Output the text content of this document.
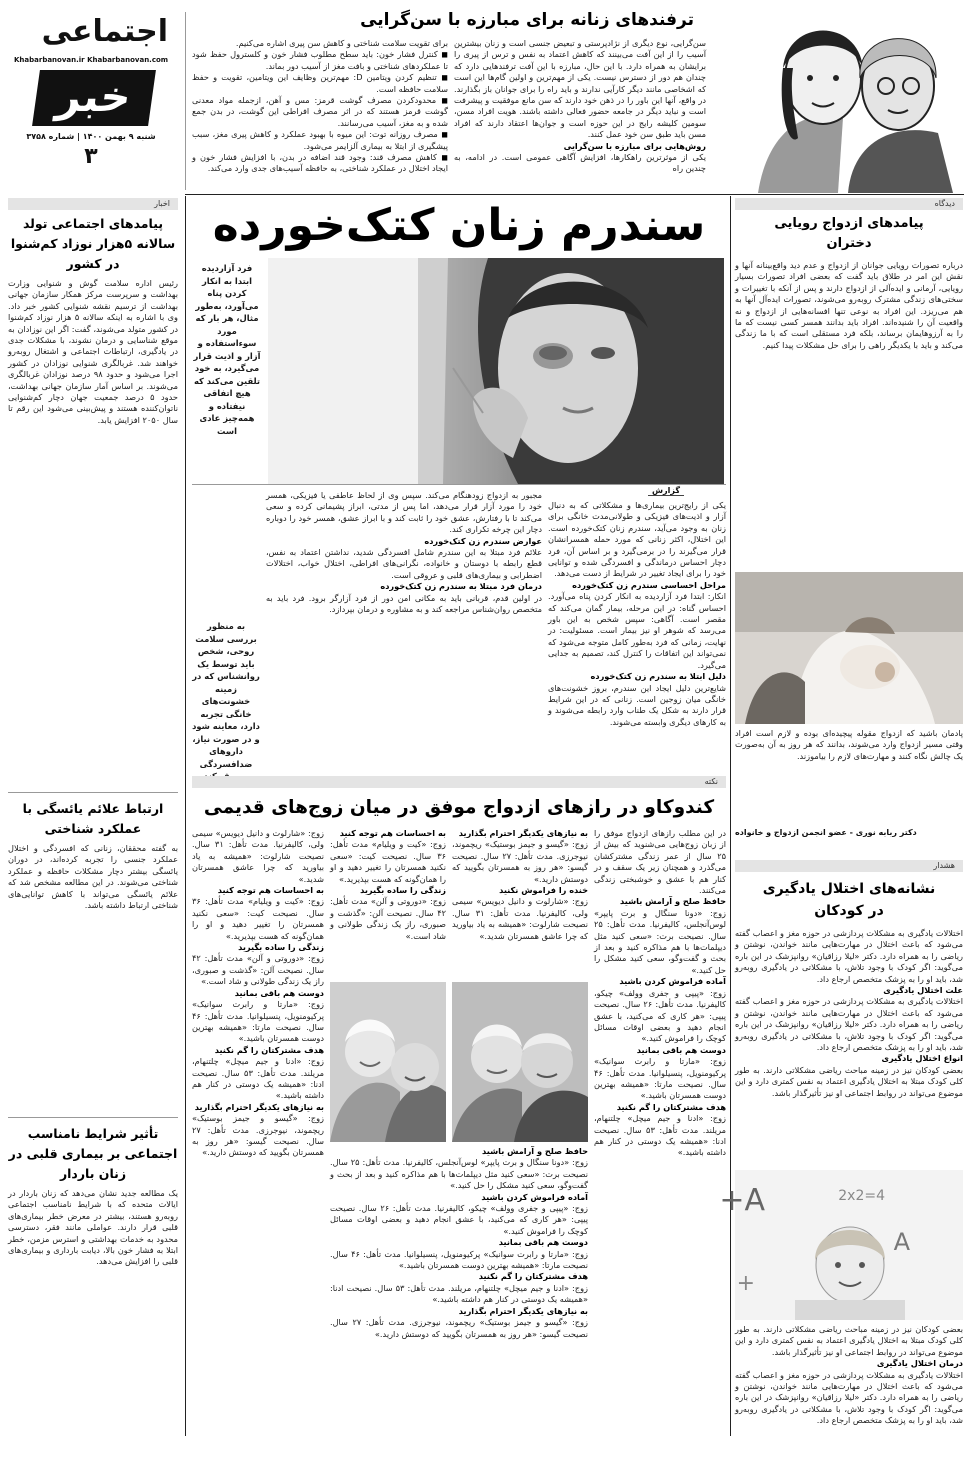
اجتماعی
Khabarbanovan.ir Khabarbanovan.com
خبر
شنبه ۹ بهمن ۱۴۰۰ | شماره ۳۷۵۸
۳
ترفندهای زنانه برای مبارزه با سن‌گرایی
برای تقویت سلامت شناختی و کاهش سن پیری اشاره می‌کنیم.
◼ کنترل فشار خون: باید سطح مطلوب فشار خون و کلسترول حفظ شود تا عملکردهای شناختی و بافت مغز از آسیب دور بماند.
◼ تنظیم کردن ویتامین D: مهم‌ترین وظایف این ویتامین، تقویت و حفظ سلامت حافظه است.
◼ محدودکردن مصرف گوشت قرمز: مس و آهن، ازجمله مواد معدنی گوشت قرمز هستند که در اثر مصرف افراطی این گوشت، در بدن جمع شده و به مغز، آسیب می‌رسانند.
◼ مصرف روزانه توت: این میوه با بهبود عملکرد و کاهش پیری مغز، سبب پیشگیری از ابتلا به بیماری آلزایمر می‌شود.
◼ کاهش مصرف قند: وجود قند اضافه در بدن، با افزایش فشار خون و ایجاد اختلال در عملکرد شناختی، به حافظه آسیب‌های جدی وارد می‌کند.
سن‌گرایی، نوع دیگری از نژادپرستی و تبعیض جنسی است و زنان بیشترین آسیب را از این آفت می‌بینند که کاهش اعتماد به نفس و ترس از پیری را برایشان به همراه دارد. با این حال، مبارزه با این آفت ترفندهایی دارد که چندان هم دور از دسترس نیست. یکی از مهم‌ترین و اولین گام‌ها این است که اشخاصی مانند دیگر کارآیی ندارند و باید راه را برای جوانان باز بگذارند. در واقع، آنها این باور را در ذهن خود دارند که سن مانع موفقیت و پیشرفت است و نباید دیگر در جامعه حضور فعالی داشته باشند. هویت افراد مسن، سومین کلیشه رایج در این حوزه است و جوان‌ها اعتقاد دارند که افراد مسن باید طبق سن خود عمل کنند.
روش‌هایی برای مبارزه با سن‌گرایی
یکی از موثرترین راهکارها، افزایش آگاهی عمومی است. در ادامه، به چندین راه
اخبار
پیامدهای اجتماعی تولد سالانه ۵هزار نوزاد کم‌شنوا در کشور
رئیس اداره سلامت گوش و شنوایی وزارت بهداشت و سرپرست مرکز همکار سازمان جهانی بهداشت از ترسیم نقشه شنوایی کشور خبر داد. وی با اشاره به اینکه سالانه ۵ هزار نوزاد کم‌شنوا در کشور متولد می‌شوند، گفت: اگر این نوزادان به موقع شناسایی و درمان نشوند، با مشکلات جدی در یادگیری، ارتباطات اجتماعی و اشتغال روبه‌رو خواهند شد. غربالگری شنوایی نوزادان در کشور اجرا می‌شود و حدود ۹۸ درصد نوزادان غربالگری می‌شوند. بر اساس آمار سازمان جهانی بهداشت، حدود ۵ درصد جمعیت جهان دچار کم‌شنوایی ناتوان‌کننده هستند و پیش‌بینی می‌شود این رقم تا سال ۲۰۵۰ افزایش یابد.
ارتباط علائم یائسگی با عملکرد شناختی
به گفته محققان، زنانی که افسردگی و اختلال عملکرد جنسی را تجربه کرده‌اند، در دوران یائسگی بیشتر دچار مشکلات حافظه و عملکرد شناختی می‌شوند. در این مطالعه مشخص شد که علائم یائسگی می‌تواند با کاهش توانایی‌های شناختی ارتباط داشته باشد.
تأثیر شرایط نامناسب اجتماعی بر بیماری قلبی در زنان باردار
یک مطالعه جدید نشان می‌دهد که زنان باردار در ایالات متحده که با شرایط نامناسب اجتماعی روبه‌رو هستند، بیشتر در معرض خطر بیماری‌های قلبی قرار دارند. عواملی مانند فقر، دسترسی محدود به خدمات بهداشتی و استرس مزمن، خطر ابتلا به فشار خون بالا، دیابت بارداری و بیماری‌های قلبی را افزایش می‌دهد.
دیدگاه
پیامدهای ازدواج رویایی دختران
درباره تصورات رویایی جوانان از ازدواج و عدم دید واقع‌بینانه آنها و نقش این امر در طلاق باید گفت که بعضی افراد تصورات بسیار رویایی، آرمانی و ایده‌آلی از ازدواج دارند و پس از آنکه با تغییرات و سختی‌های زندگی مشترک روبه‌رو می‌شوند، تصورات ایده‌آل آنها به هم می‌ریزد. این افراد به نوعی تنها افسانه‌هایی از ازدواج و نه واقعیت آن را شنیده‌اند. افراد باید بدانند همسر کسی نیست که ما را به آرزوهایمان برساند، بلکه فرد مستقلی است که با ما زندگی می‌کند و باید با یکدیگر راهی را برای حل مشکلات پیدا کنیم.
پادمان باشید که ازدواج مقوله پیچیده‌ای بوده و لازم است افراد وقتی مسیر ازدواج وارد می‌شوند، بدانند که هر روز به آن به‌صورت یک چالش نگاه کنند و مهارت‌های لازم را بیاموزند.
دکتر ربابه نوری - عضو انجمن ازدواج و خانواده
هشدار
نشانه‌های اختلال یادگیری در کودکان
اختلالات یادگیری به مشکلات پردازشی در حوزه مغز و اعصاب گفته می‌شود که باعث اختلال در مهارت‌هایی مانند خواندن، نوشتن و ریاضی را به همراه دارد. دکتر «لیلا رزاقیان» روانپزشک در این باره می‌گوید: اگر کودک با وجود تلاش، با مشکلاتی در یادگیری روبه‌رو شد، باید او را به پزشک متخصص ارجاع داد.
علت اختلال یادگیری
اختلالات یادگیری به مشکلات پردازشی در حوزه مغز و اعصاب گفته می‌شود که باعث اختلال در مهارت‌هایی مانند خواندن، نوشتن و ریاضی را به همراه دارد. دکتر «لیلا رزاقیان» روانپزشک در این باره می‌گوید: اگر کودک با وجود تلاش، با مشکلاتی در یادگیری روبه‌رو شد، باید او را به پزشک متخصص ارجاع داد.
انواع اختلال یادگیری
بعضی کودکان نیز در زمینه مباحث ریاضی مشکلاتی دارند. به طور کلی کودک مبتلا به اختلال یادگیری اعتماد به نفس کمتری دارد و این موضوع می‌تواند در روابط اجتماعی او نیز تأثیرگذار باشد.
A+	2x2=4
A
+
بعضی کودکان نیز در زمینه مباحث ریاضی مشکلاتی دارند. به طور کلی کودک مبتلا به اختلال یادگیری اعتماد به نفس کمتری دارد و این موضوع می‌تواند در روابط اجتماعی او نیز تأثیرگذار باشد.
درمان اختلال یادگیری
اختلالات یادگیری به مشکلات پردازشی در حوزه مغز و اعصاب گفته می‌شود که باعث اختلال در مهارت‌هایی مانند خواندن، نوشتن و ریاضی را به همراه دارد. دکتر «لیلا رزاقیان» روانپزشک در این باره می‌گوید: اگر کودک با وجود تلاش، با مشکلاتی در یادگیری روبه‌رو شد، باید او را به پزشک متخصص ارجاع داد.
سندرم زنان کتک‌خورده
فرد آزاردیده ابتدا به انکار کردن پناه می‌آورد، به‌طور مثال، هر بار که مورد سوءاستفاده و آزار و اذیت قرار می‌گیرد، به خود تلقین می‌کند که هیچ اتفاقی نیفتاده و همه‌چیز عادی است
گزارش
یکی از رایج‌ترین بیماری‌ها و مشکلاتی که به دنبال آزار و اذیت‌های فیزیکی و طولانی‌مدت خانگی برای زنان به وجود می‌آید، سندرم زنان کتک‌خورده است. این اختلال، اکثر زنانی که مورد حمله همسرانشان قرار می‌گیرند را در برمی‌گیرد و بر اساس آن، فرد دچار احساس درماندگی و افسردگی شده و توانایی خود را برای ایجاد تغییر در شرایط از دست می‌دهد.
مراحل احساسی سندرم زن کتک‌خورده
انکار: ابتدا فرد آزاردیده به انکار کردن پناه می‌آورد. احساس گناه: در این مرحله، بیمار گمان می‌کند که مقصر است. آگاهی: سپس شخص به این باور می‌رسد که شوهر او نیز بیمار است. مسئولیت: در نهایت، زمانی که فرد به‌طور کامل متوجه می‌شود که نمی‌تواند این اتفاقات را کنترل کند، تصمیم به جدایی می‌گیرد.
دلیل ابتلا به سندرم زن کتک‌خورده
شایع‌ترین دلیل ایجاد این سندرم، بروز خشونت‌های خانگی میان زوجین است. زنانی که در این شرایط قرار دارند به شکل یک طناب وارد رابطه می‌شوند و به کارهای دیگری وابسته می‌شوند.
مجبور به ازدواج زودهنگام می‌کند. سپس وی از لحاظ عاطفی یا فیزیکی، همسر خود را مورد آزار قرار می‌دهد، اما پس از مدتی، ابراز پشیمانی کرده و سعی می‌کند تا با رفتارش، عشق خود را ثابت کند و با ابراز عشق، همسر خود را دوباره دچار این چرخه تکراری کند.
عوارض سندرم زن کتک‌خورده
علائم فرد مبتلا به این سندرم شامل افسردگی شدید، نداشتن اعتماد به نفس، قطع رابطه با دوستان و خانواده، نگرانی‌های افراطی، اختلال خواب، اختلالات اضطرابی و بیماری‌های قلبی و عروقی است.
درمان فرد مبتلا به سندرم زن کتک‌خورده
در اولین قدم، قربانی باید به مکانی امن دور از فرد آزارگر برود. فرد باید به متخصص روان‌شناس مراجعه کند و به مشاوره و درمان بپردازد.
به منظور بررسی سلامت روحی، شخص باید توسط یک روانشناس که در زمینه خشونت‌های خانگی تجربه دارد، معاینه شود و در صورت نیاز، داروهای ضدافسردگی
نکته
کندوکاو در رازهای ازدواج موفق در میان زوج‌های قدیمی
در این مطلب رازهای ازدواج موفق را از زبان زوج‌هایی می‌شنوید که بیش از ۲۵ سال از عمر زندگی مشترکشان می‌گذرد و همچنان زیر یک سقف و در کنار هم با عشق و خوشبختی زندگی می‌کنند.
حافظ صلح و آرامش باشید
زوج: «دونا سنگال و برت پایپر» لوس‌آنجلس، کالیفرنیا. مدت تأهل: ۲۵ سال. نصیحت برت: «سعی کنید مثل دیپلمات‌ها با هم مذاکره کنید و بعد از بحث و گفت‌وگو، سعی کنید مشکل را حل کنید.»
آماده فراموش کردن باشید
زوج: «پیپی و جفری وولف» چیکو، کالیفرنیا. مدت تأهل: ۲۶ سال. نصیحت پیپی: «هر کاری که می‌کنید، با عشق انجام دهید و بعضی اوقات مسائل کوچک را فراموش کنید.»
دوست هم باقی بمانید
زوج: «مارتا و رابرت سوانیک» پرکیومنویل، پنسیلوانیا. مدت تأهل: ۴۶ سال. نصیحت مارتا: «همیشه بهترین دوست همسرتان باشید.»
هدف مشترکتان را گم نکنید
زوج: «ادنا و جیم میچل» چلتنهام، مریلند. مدت تأهل: ۵۳ سال. نصیحت ادنا: «همیشه یک دوستی در کنار هم داشته باشید.»
به نیازهای یکدیگر احترام بگذارید
زوج: «گیسو و جیمز بوستیک» ریچموند، نیوجرزی. مدت تأهل: ۲۷ سال. نصیحت گیسو: «هر روز به همسرتان بگویید که دوستش دارید.»
خنده را فراموش نکنید
زوج: «شارلوت و دانیل دیویس» سیمی ولی، کالیفرنیا. مدت تأهل: ۳۱ سال. نصیحت شارلوت: «همیشه به یاد بیاورید که چرا عاشق همسرتان شدید.»
به احساسات هم توجه کنید
زوج: «کیت و ویلیام» مدت تأهل: ۳۶ سال. نصیحت کیت: «سعی نکنید همسرتان را تغییر دهید و او را همان‌گونه که هست بپذیرید.»
زندگی را ساده بگیرید
زوج: «دوروتی و آلن» مدت تأهل: ۴۲ سال. نصیحت آلن: «گذشت و صبوری، راز یک زندگی طولانی و شاد است.»
زوج: «شارلوت و دانیل دیویس» سیمی ولی، کالیفرنیا. مدت تأهل: ۳۱ سال. نصیحت شارلوت: «همیشه به یاد بیاورید که چرا عاشق همسرتان شدید.»
به احساسات هم توجه کنید
زوج: «کیت و ویلیام» مدت تأهل: ۳۶ سال. نصیحت کیت: «سعی نکنید همسرتان را تغییر دهید و او را همان‌گونه که هست بپذیرید.»
زندگی را ساده بگیرید
زوج: «دوروتی و آلن» مدت تأهل: ۴۲ سال. نصیحت آلن: «گذشت و صبوری، راز یک زندگی طولانی و شاد است.»
دوست هم باقی بمانید
زوج: «مارتا و رابرت سوانیک» پرکیومنویل، پنسیلوانیا. مدت تأهل: ۴۶ سال. نصیحت مارتا: «همیشه بهترین دوست همسرتان باشید.»
هدف مشترکتان را گم نکنید
زوج: «ادنا و جیم میچل» چلتنهام، مریلند. مدت تأهل: ۵۳ سال. نصیحت ادنا: «همیشه یک دوستی در کنار هم داشته باشید.»
به نیازهای یکدیگر احترام بگذارید
زوج: «گیسو و جیمز بوستیک» ریچموند، نیوجرزی. مدت تأهل: ۲۷ سال. نصیحت گیسو: «هر روز به همسرتان بگویید که دوستش دارید.»	حافظ صلح و آرامش باشید
زوج: «دونا سنگال و برت پایپر» لوس‌آنجلس، کالیفرنیا. مدت تأهل: ۲۵ سال. نصیحت برت: «سعی کنید مثل دیپلمات‌ها با هم مذاکره کنید و بعد از بحث و گفت‌وگو، سعی کنید مشکل را حل کنید.»
آماده فراموش کردن باشید
زوج: «پیپی و جفری وولف» چیکو، کالیفرنیا. مدت تأهل: ۲۶ سال. نصیحت پیپی: «هر کاری که می‌کنید، با عشق انجام دهید و بعضی اوقات مسائل کوچک را فراموش کنید.»
دوست هم باقی بمانید
زوج: «مارتا و رابرت سوانیک» پرکیومنویل، پنسیلوانیا. مدت تأهل: ۴۶ سال. نصیحت مارتا: «همیشه بهترین دوست همسرتان باشید.»
هدف مشترکتان را گم نکنید
زوج: «ادنا و جیم میچل» چلتنهام، مریلند. مدت تأهل: ۵۳ سال. نصیحت ادنا: «همیشه یک دوستی در کنار هم داشته باشید.»
به نیازهای یکدیگر احترام بگذارید
زوج: «گیسو و جیمز بوستیک» ریچموند، نیوجرزی. مدت تأهل: ۲۷ سال. نصیحت گیسو: «هر روز به همسرتان بگویید که دوستش دارید.»
